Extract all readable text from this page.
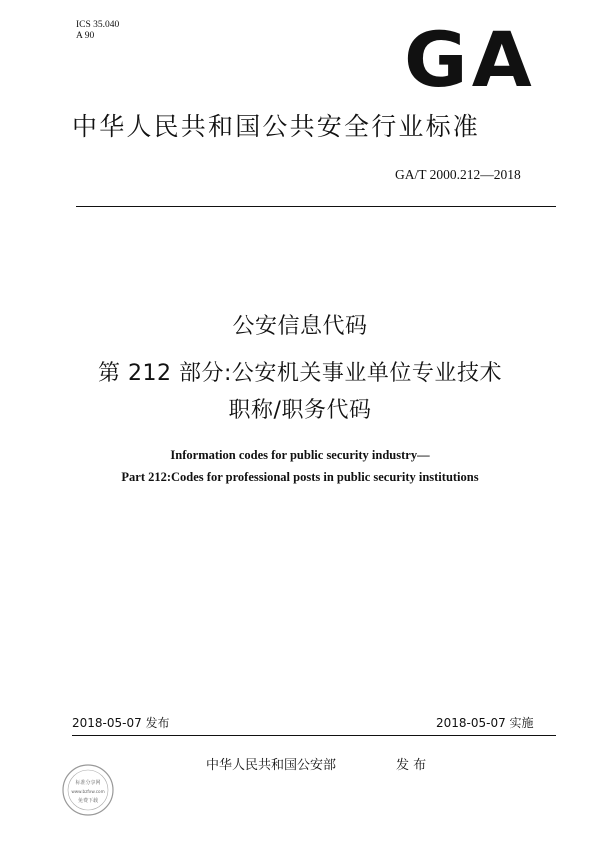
ICS 35.040
A 90	GA
中华人民共和国公共安全行业标准
GA/T 2000.212—2018
公安信息代码
第 212 部分:公安机关事业单位专业技术
职称/职务代码
Information codes for public security industry—
Part 212:Codes for professional posts in public security institutions
2018-05-07 发布	2018-05-07 实施
标准分享网
www.bzfxw.com
免费下载
中华人民共和国公安部	发 布
